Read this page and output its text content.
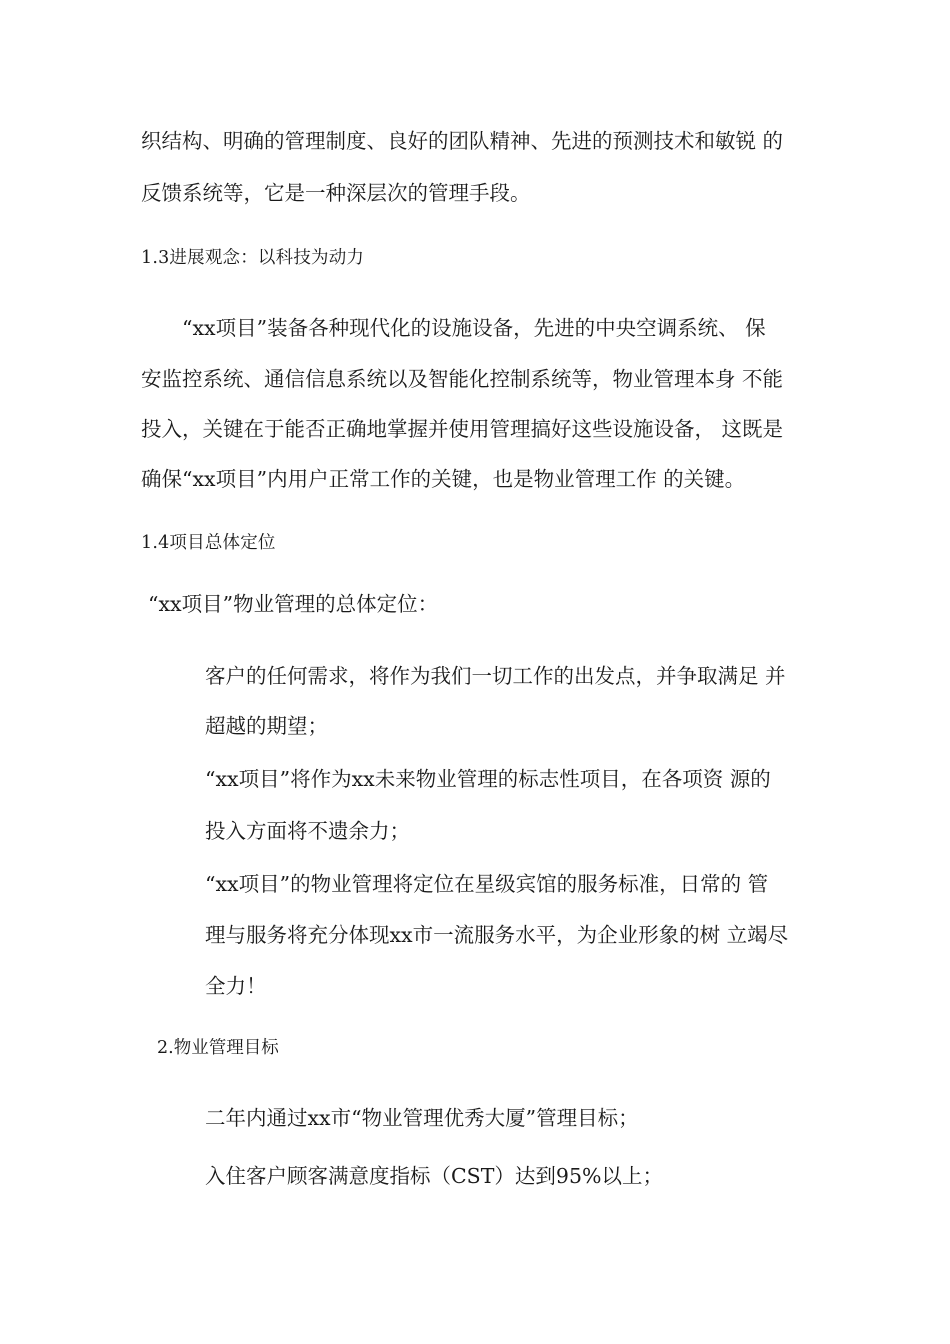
织结构、明确的管理制度、良好的团队精神、先进的预测技术和敏锐 的

反馈系统等，它是一种深层次的管理手段。

1.3进展观念：以科技为动力

“xx项目”装备各种现代化的设施设备，先进的中央空调系统、 保

安监控系统、通信信息系统以及智能化控制系统等，物业管理本身 不能

投入，关键在于能否正确地掌握并使用管理搞好这些设施设备， 这既是

确保“xx项目”内用户正常工作的关键，也是物业管理工作 的关键。

1.4项目总体定位

“xx项目”物业管理的总体定位：

客户的任何需求，将作为我们一切工作的出发点，并争取满足 并

超越的期望；

“xx项目”将作为xx未来物业管理的标志性项目，在各项资 源的

投入方面将不遗余力；

“xx项目”的物业管理将定位在星级宾馆的服务标准，日常的 管

理与服务将充分体现xx市一流服务水平，为企业形象的树 立竭尽

全力！

2.物业管理目标

二年内通过xx市“物业管理优秀大厦”管理目标；

入住客户顾客满意度指标（CST）达到95%以上；
